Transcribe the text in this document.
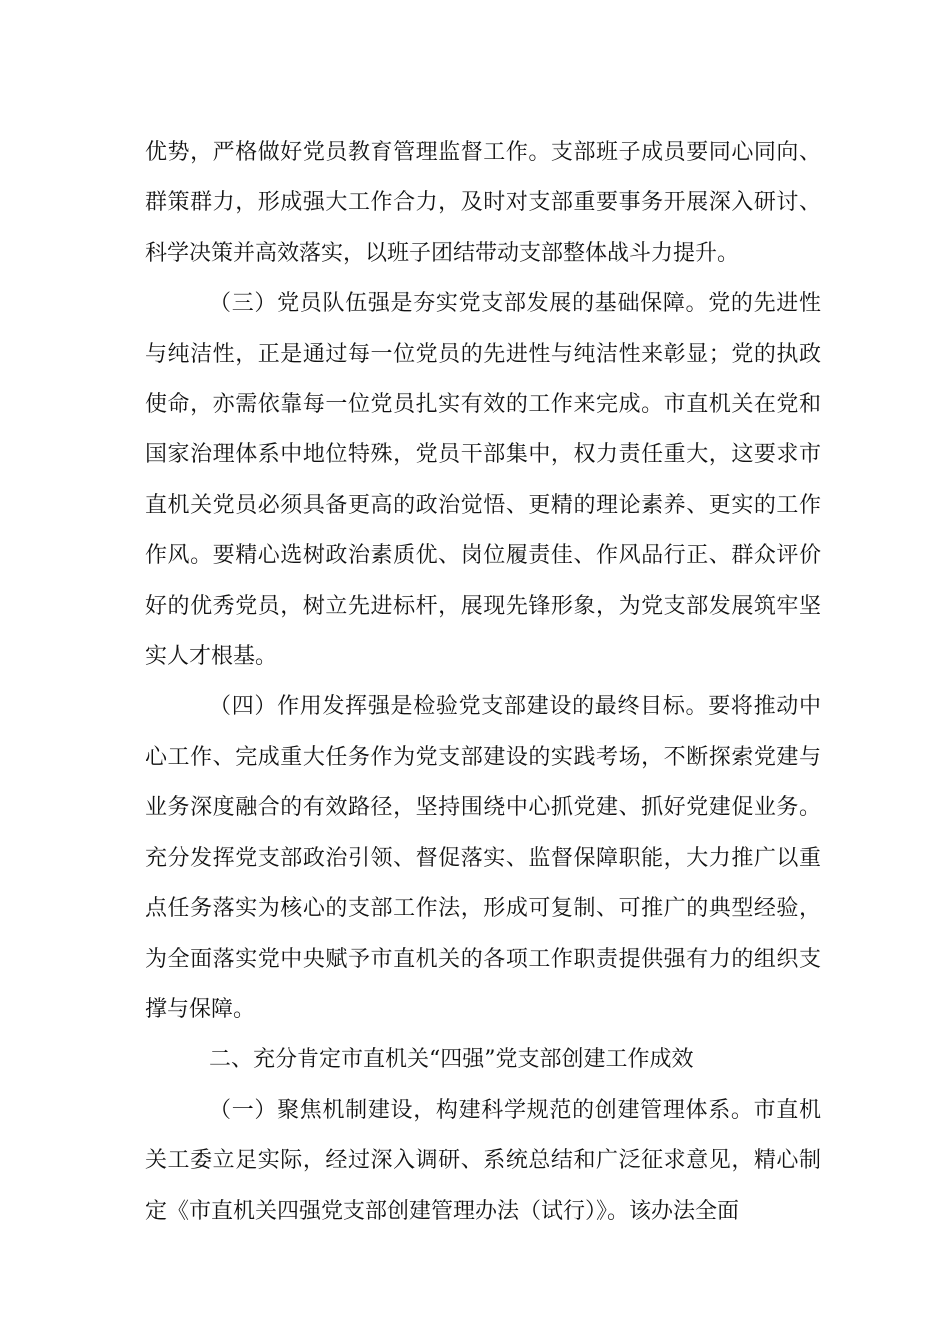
优势，严格做好党员教育管理监督工作。支部班子成员要同心同向、群策群力，形成强大工作合力，及时对支部重要事务开展深入研讨、科学决策并高效落实，以班子团结带动支部整体战斗力提升。

（三）党员队伍强是夯实党支部发展的基础保障。党的先进性与纯洁性，正是通过每一位党员的先进性与纯洁性来彰显；党的执政使命，亦需依靠每一位党员扎实有效的工作来完成。市直机关在党和国家治理体系中地位特殊，党员干部集中，权力责任重大，这要求市直机关党员必须具备更高的政治觉悟、更精的理论素养、更实的工作作风。要精心选树政治素质优、岗位履责佳、作风品行正、群众评价好的优秀党员，树立先进标杆，展现先锋形象，为党支部发展筑牢坚实人才根基。

（四）作用发挥强是检验党支部建设的最终目标。要将推动中心工作、完成重大任务作为党支部建设的实践考场，不断探索党建与业务深度融合的有效路径，坚持围绕中心抓党建、抓好党建促业务。充分发挥党支部政治引领、督促落实、监督保障职能，大力推广以重点任务落实为核心的支部工作法，形成可复制、可推广的典型经验，为全面落实党中央赋予市直机关的各项工作职责提供强有力的组织支撑与保障。

二、充分肯定市直机关“四强”党支部创建工作成效

（一）聚焦机制建设，构建科学规范的创建管理体系。市直机关工委立足实际，经过深入调研、系统总结和广泛征求意见，精心制定《市直机关四强党支部创建管理办法（试行）》。该办法全面
